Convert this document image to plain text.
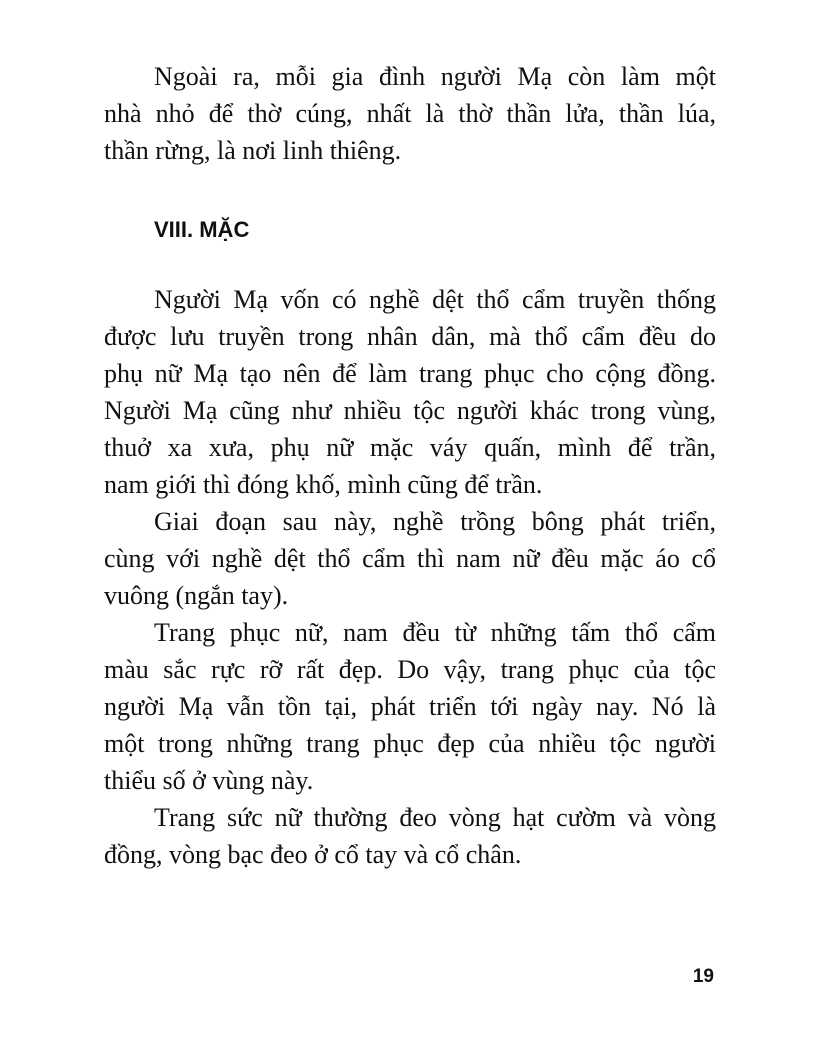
Ngoài ra, mỗi gia đình người Mạ còn làm một
nhà nhỏ để thờ cúng, nhất là thờ thần lửa, thần lúa,
thần rừng, là nơi linh thiêng.
VIII. MẶC
Người Mạ vốn có nghề dệt thổ cẩm truyền thống
được lưu truyền trong nhân dân, mà thổ cẩm đều do
phụ nữ Mạ tạo nên để làm trang phục cho cộng đồng.
Người Mạ cũng như nhiều tộc người khác trong vùng,
thuở xa xưa, phụ nữ mặc váy quấn, mình để trần,
nam giới thì đóng khố, mình cũng để trần.
Giai đoạn sau này, nghề trồng bông phát triển,
cùng với nghề dệt thổ cẩm thì nam nữ đều mặc áo cổ
vuông (ngắn tay).
Trang phục nữ, nam đều từ những tấm thổ cẩm
màu sắc rực rỡ rất đẹp. Do vậy, trang phục của tộc
người Mạ vẫn tồn tại, phát triển tới ngày nay. Nó là
một trong những trang phục đẹp của nhiều tộc người
thiểu số ở vùng này.
Trang sức nữ thường đeo vòng hạt cườm và vòng
đồng, vòng bạc đeo ở cổ tay và cổ chân.
19
